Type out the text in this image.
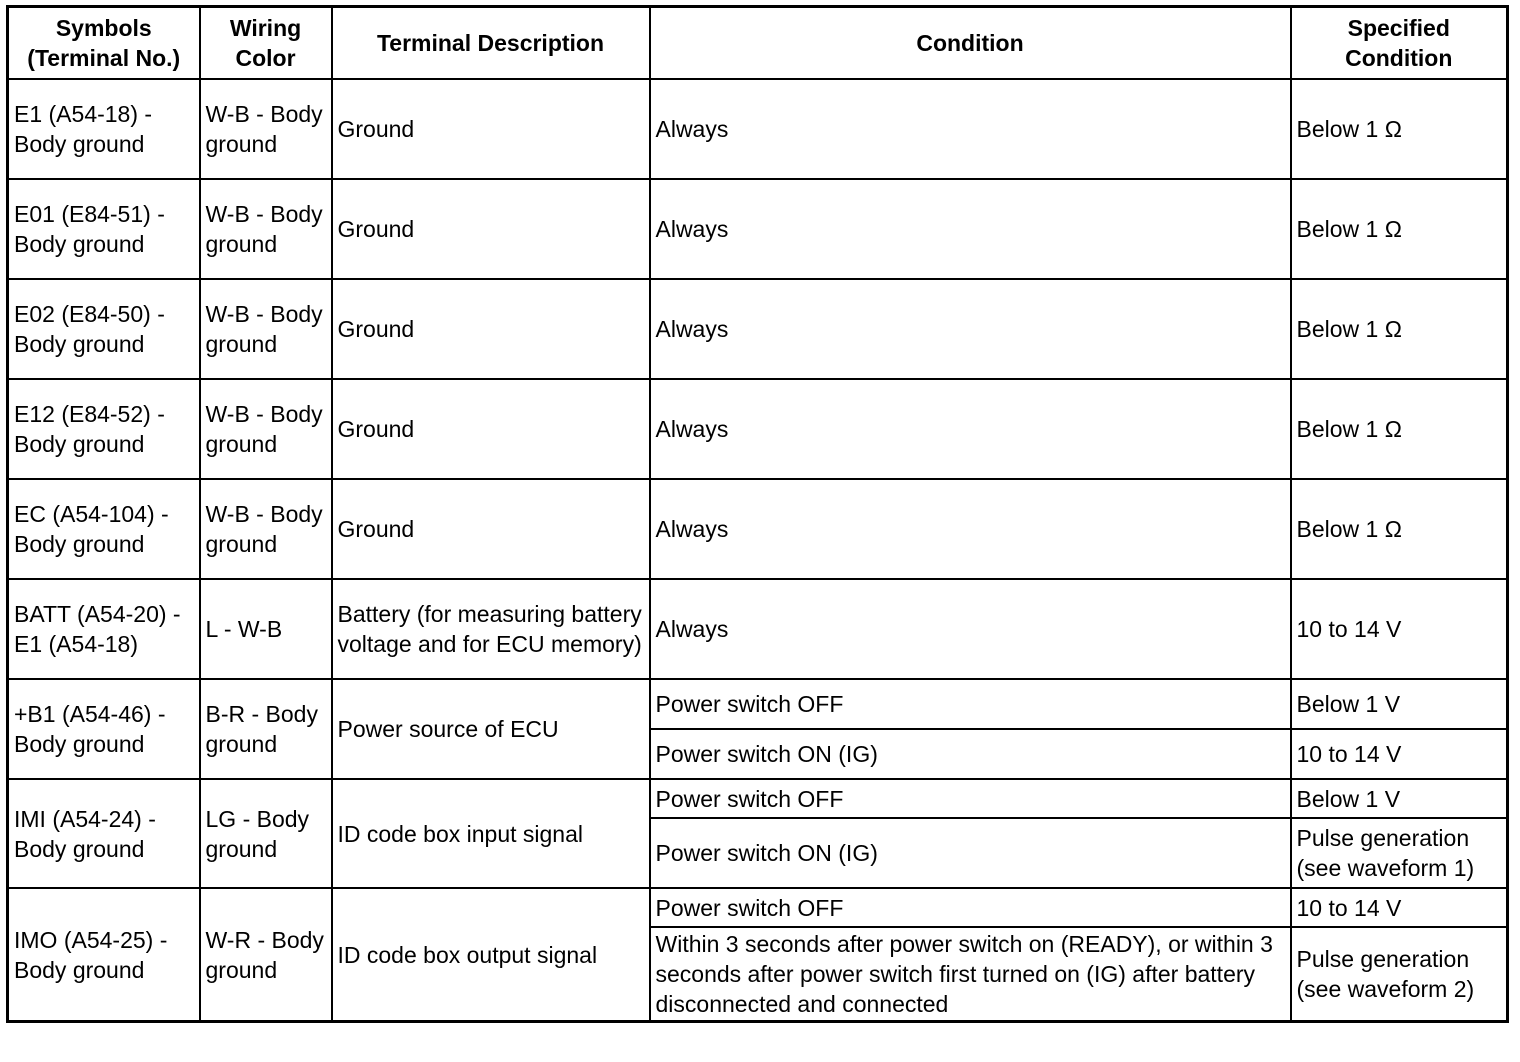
Symbols (Terminal No.)	Wiring Color	Terminal Description	Condition	Specified Condition
E1 (A54-18) - Body ground	W-B - Body ground	Ground	Always	Below 1 Ω
E01 (E84-51) - Body ground	W-B - Body ground	Ground	Always	Below 1 Ω
E02 (E84-50) - Body ground	W-B - Body ground	Ground	Always	Below 1 Ω
E12 (E84-52) - Body ground	W-B - Body ground	Ground	Always	Below 1 Ω
EC (A54-104) - Body ground	W-B - Body ground	Ground	Always	Below 1 Ω
BATT (A54-20) - E1 (A54-18)	L - W-B	Battery (for measuring battery voltage and for ECU memory)	Always	10 to 14 V
+B1 (A54-46) - Body ground	B-R - Body ground	Power source of ECU	Power switch OFF	Below 1 V
			Power switch ON (IG)	10 to 14 V
IMI (A54-24) - Body ground	LG - Body ground	ID code box input signal	Power switch OFF	Below 1 V
			Power switch ON (IG)	Pulse generation (see waveform 1)
IMO (A54-25) - Body ground	W-R - Body ground	ID code box output signal	Power switch OFF	10 to 14 V
			Within 3 seconds after power switch on (READY), or within 3 seconds after power switch first turned on (IG) after battery disconnected and connected	Pulse generation (see waveform 2)
